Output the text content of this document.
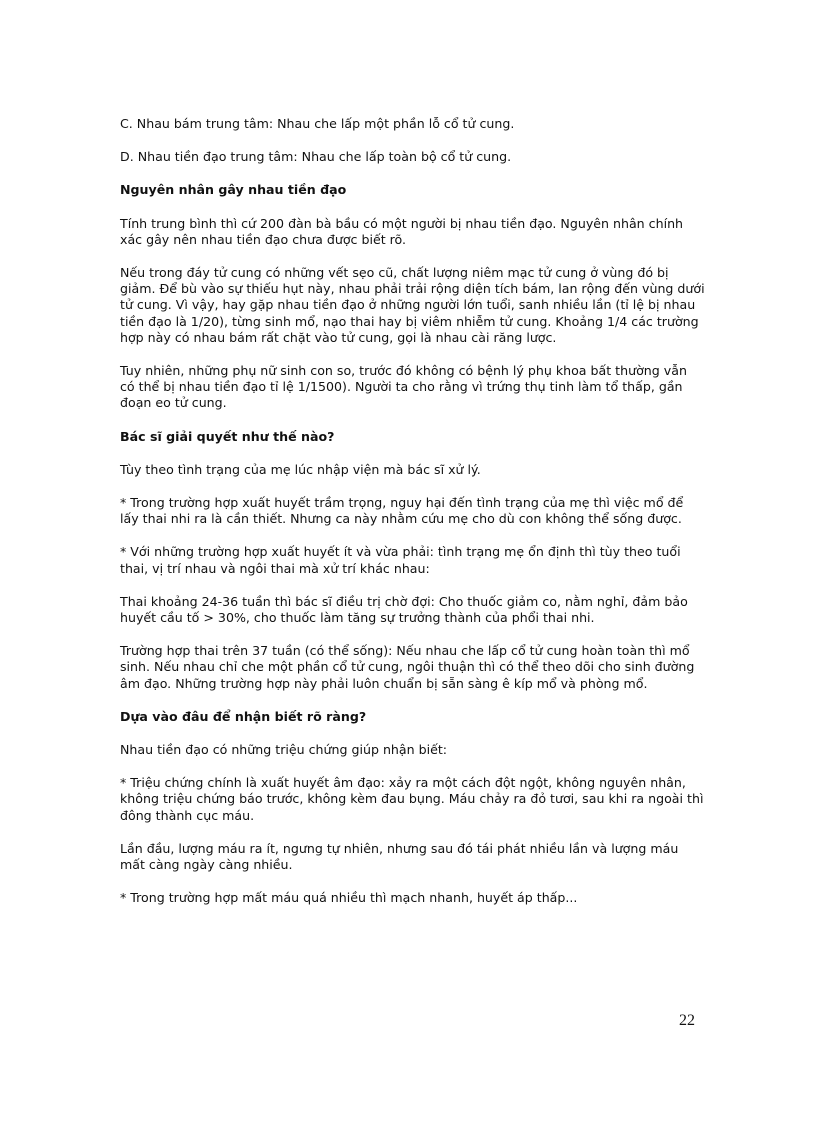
C. Nhau bám trung tâm: Nhau che lấp một phần lỗ cổ tử cung.

D. Nhau tiền đạo trung tâm: Nhau che lấp toàn bộ cổ tử cung.

Nguyên nhân gây nhau tiền đạo

Tính trung bình thì cứ 200 đàn bà bầu có một người bị nhau tiền đạo. Nguyên nhân chính xác gây nên nhau tiền đạo chưa được biết rõ.

Nếu trong đáy tử cung có những vết sẹo cũ, chất lượng niêm mạc tử cung ở vùng đó bị giảm. Để bù vào sự thiếu hụt này, nhau phải trải rộng diện tích bám, lan rộng đến vùng dưới tử cung. Vì vậy, hay gặp nhau tiền đạo ở những người lớn tuổi, sanh nhiều lần (tỉ lệ bị nhau tiền đạo là 1/20), từng sinh mổ, nạo thai hay bị viêm nhiễm tử cung. Khoảng 1/4 các trường hợp này có nhau bám rất chặt vào tử cung, gọi là nhau cài răng lược.

Tuy nhiên, những phụ nữ sinh con so, trước đó không có bệnh lý phụ khoa bất thường vẫn có thể bị nhau tiền đạo tỉ lệ 1/1500). Người ta cho rằng vì trứng thụ tinh làm tổ thấp, gần đoạn eo tử cung.

Bác sĩ giải quyết như thế nào?

Tùy theo tình trạng của mẹ lúc nhập viện mà bác sĩ xử lý.

* Trong trường hợp xuất huyết trầm trọng, nguy hại đến tình trạng của mẹ thì việc mổ để lấy thai nhi ra là cần thiết. Nhưng ca này nhằm cứu mẹ cho dù con không thể sống được.

* Với những trường hợp xuất huyết ít và vừa phải: tình trạng mẹ ổn định thì tùy theo tuổi thai, vị trí nhau và ngôi thai mà xử trí khác nhau:

Thai khoảng 24-36 tuần thì bác sĩ điều trị chờ đợi: Cho thuốc giảm co, nằm nghỉ, đảm bảo huyết cầu tố > 30%, cho thuốc làm tăng sự trưởng thành của phổi thai nhi.

Trường hợp thai trên 37 tuần (có thể sống): Nếu nhau che lấp cổ tử cung hoàn toàn thì mổ sinh. Nếu nhau chỉ che một phần cổ tử cung, ngôi thuận thì có thể theo dõi cho sinh đường âm đạo. Những trường hợp này phải luôn chuẩn bị sẵn sàng ê kíp mổ và phòng mổ.

Dựa vào đâu để nhận biết rõ ràng?

Nhau tiền đạo có những triệu chứng giúp nhận biết:

* Triệu chứng chính là xuất huyết âm đạo: xảy ra một cách đột ngột, không nguyên nhân, không triệu chứng báo trước, không kèm đau bụng. Máu chảy ra đỏ tươi, sau khi ra ngoài thì đông thành cục máu.

Lần đầu, lượng máu ra ít, ngưng tự nhiên, nhưng sau đó tái phát nhiều lần và lượng máu mất càng ngày càng nhiều.

* Trong trường hợp mất máu quá nhiều thì mạch nhanh, huyết áp thấp...

22
